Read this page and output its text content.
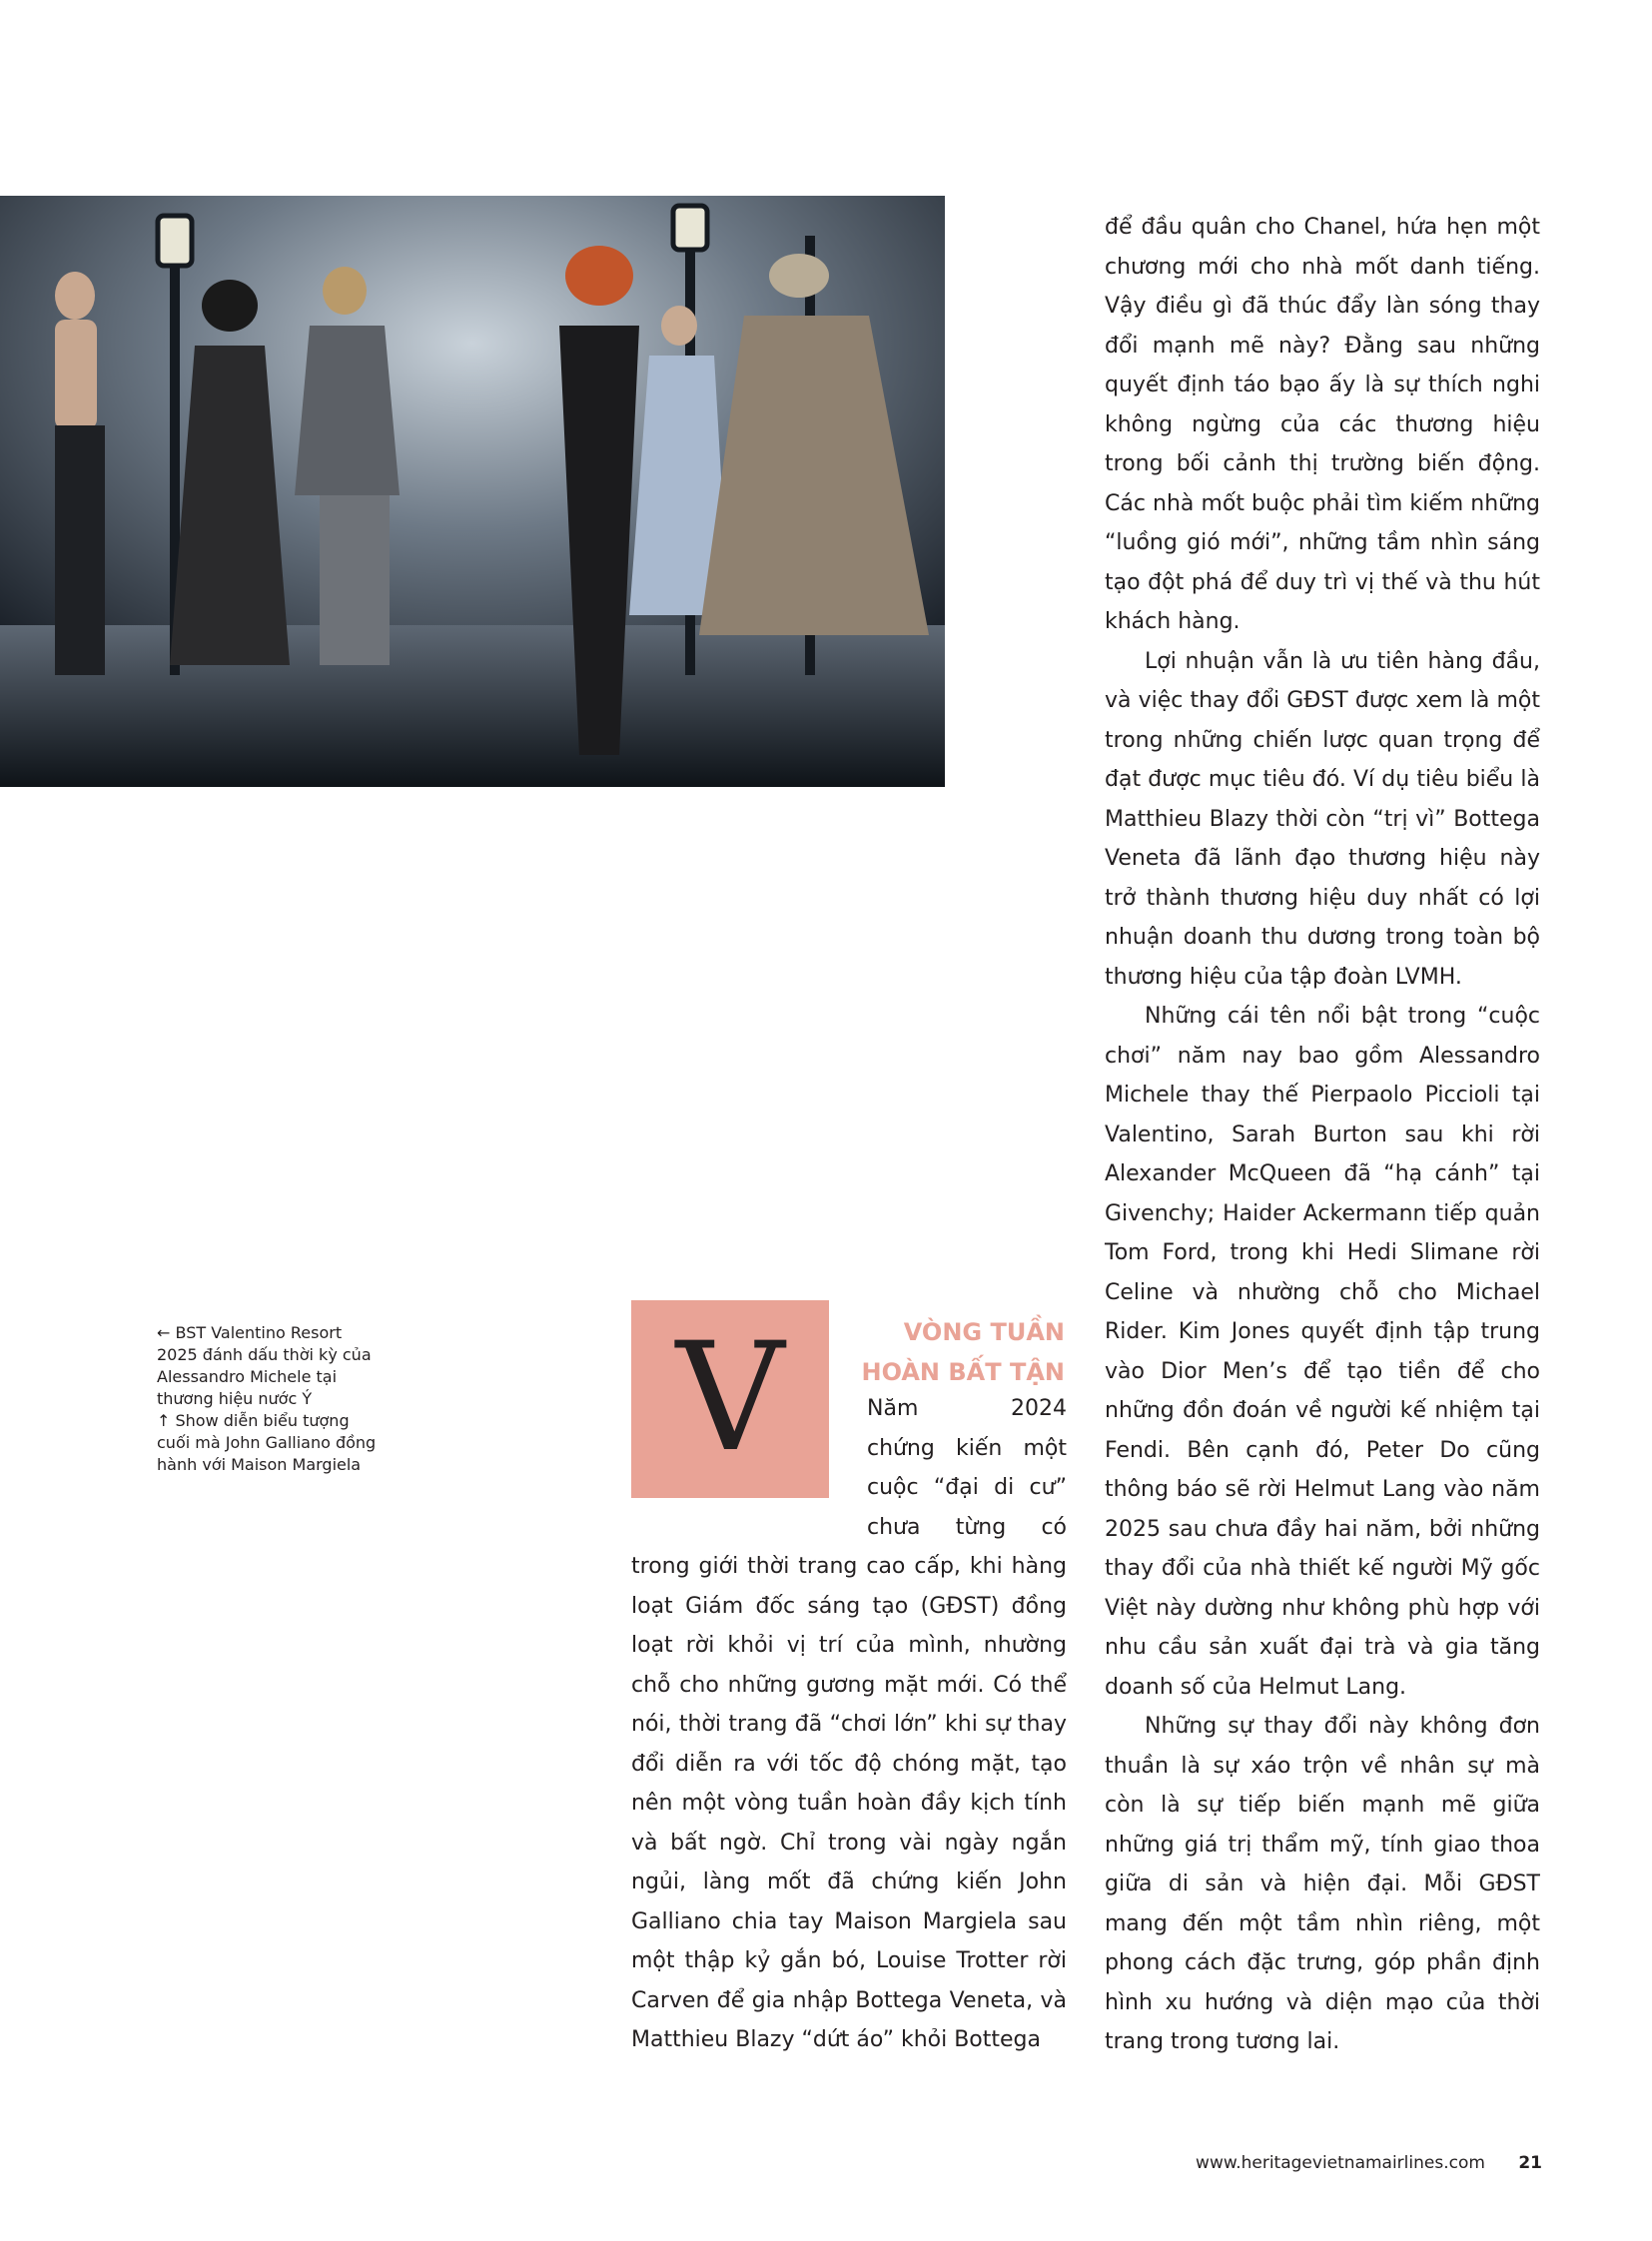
← BST Valentino Resort 2025 đánh dấu thời kỳ của Alessandro Michele tại thương hiệu nước Ý

↑ Show diễn biểu tượng cuối mà John Galliano đồng hành với Maison Margiela V	VÒNG TUẦN
HOÀN BẤT TẬN
Năm 2024
chứng kiến một
cuộc “đại di cư”
chưa từng có

trong giới thời trang cao cấp, khi hàng loạt Giám đốc sáng tạo (GĐST) đồng loạt rời khỏi vị trí của mình, nhường chỗ cho những gương mặt mới. Có thể nói, thời trang đã “chơi lớn” khi sự thay đổi diễn ra với tốc độ chóng mặt, tạo nên một vòng tuần hoàn đầy kịch tính và bất ngờ. Chỉ trong vài ngày ngắn ngủi, làng mốt đã chứng kiến John Galliano chia tay Maison Margiela sau một thập kỷ gắn bó, Louise Trotter rời Carven để gia nhập Bottega Veneta, và Matthieu Blazy “dứt áo” khỏi Bottega

để đầu quân cho Chanel, hứa hẹn một chương mới cho nhà mốt danh tiếng. Vậy điều gì đã thúc đẩy làn sóng thay đổi mạnh mẽ này? Đằng sau những quyết định táo bạo ấy là sự thích nghi không ngừng của các thương hiệu trong bối cảnh thị trường biến động. Các nhà mốt buộc phải tìm kiếm những “luồng gió mới”, những tầm nhìn sáng tạo đột phá để duy trì vị thế và thu hút khách hàng.

Lợi nhuận vẫn là ưu tiên hàng đầu, và việc thay đổi GĐST được xem là một trong những chiến lược quan trọng để đạt được mục tiêu đó. Ví dụ tiêu biểu là Matthieu Blazy thời còn “trị vì” Bottega Veneta đã lãnh đạo thương hiệu này trở thành thương hiệu duy nhất có lợi nhuận doanh thu dương trong toàn bộ thương hiệu của tập đoàn LVMH.

Những cái tên nổi bật trong “cuộc chơi” năm nay bao gồm Alessandro Michele thay thế Pierpaolo Piccioli tại Valentino, Sarah Burton sau khi rời Alexander McQueen đã “hạ cánh” tại Givenchy; Haider Ackermann tiếp quản Tom Ford, trong khi Hedi Slimane rời Celine và nhường chỗ cho Michael Rider. Kim Jones quyết định tập trung vào Dior Men’s để tạo tiền để cho những đồn đoán về người kế nhiệm tại Fendi. Bên cạnh đó, Peter Do cũng thông báo sẽ rời Helmut Lang vào năm 2025 sau chưa đầy hai năm, bởi những thay đổi của nhà thiết kế người Mỹ gốc Việt này dường như không phù hợp với nhu cầu sản xuất đại trà và gia tăng doanh số của Helmut Lang.

Những sự thay đổi này không đơn thuần là sự xáo trộn về nhân sự mà còn là sự tiếp biến mạnh mẽ giữa những giá trị thẩm mỹ, tính giao thoa giữa di sản và hiện đại. Mỗi GĐST mang đến một tầm nhìn riêng, một phong cách đặc trưng, góp phần định hình xu hướng và diện mạo của thời trang trong tương lai.

www.heritagevietnamairlines.com 21
